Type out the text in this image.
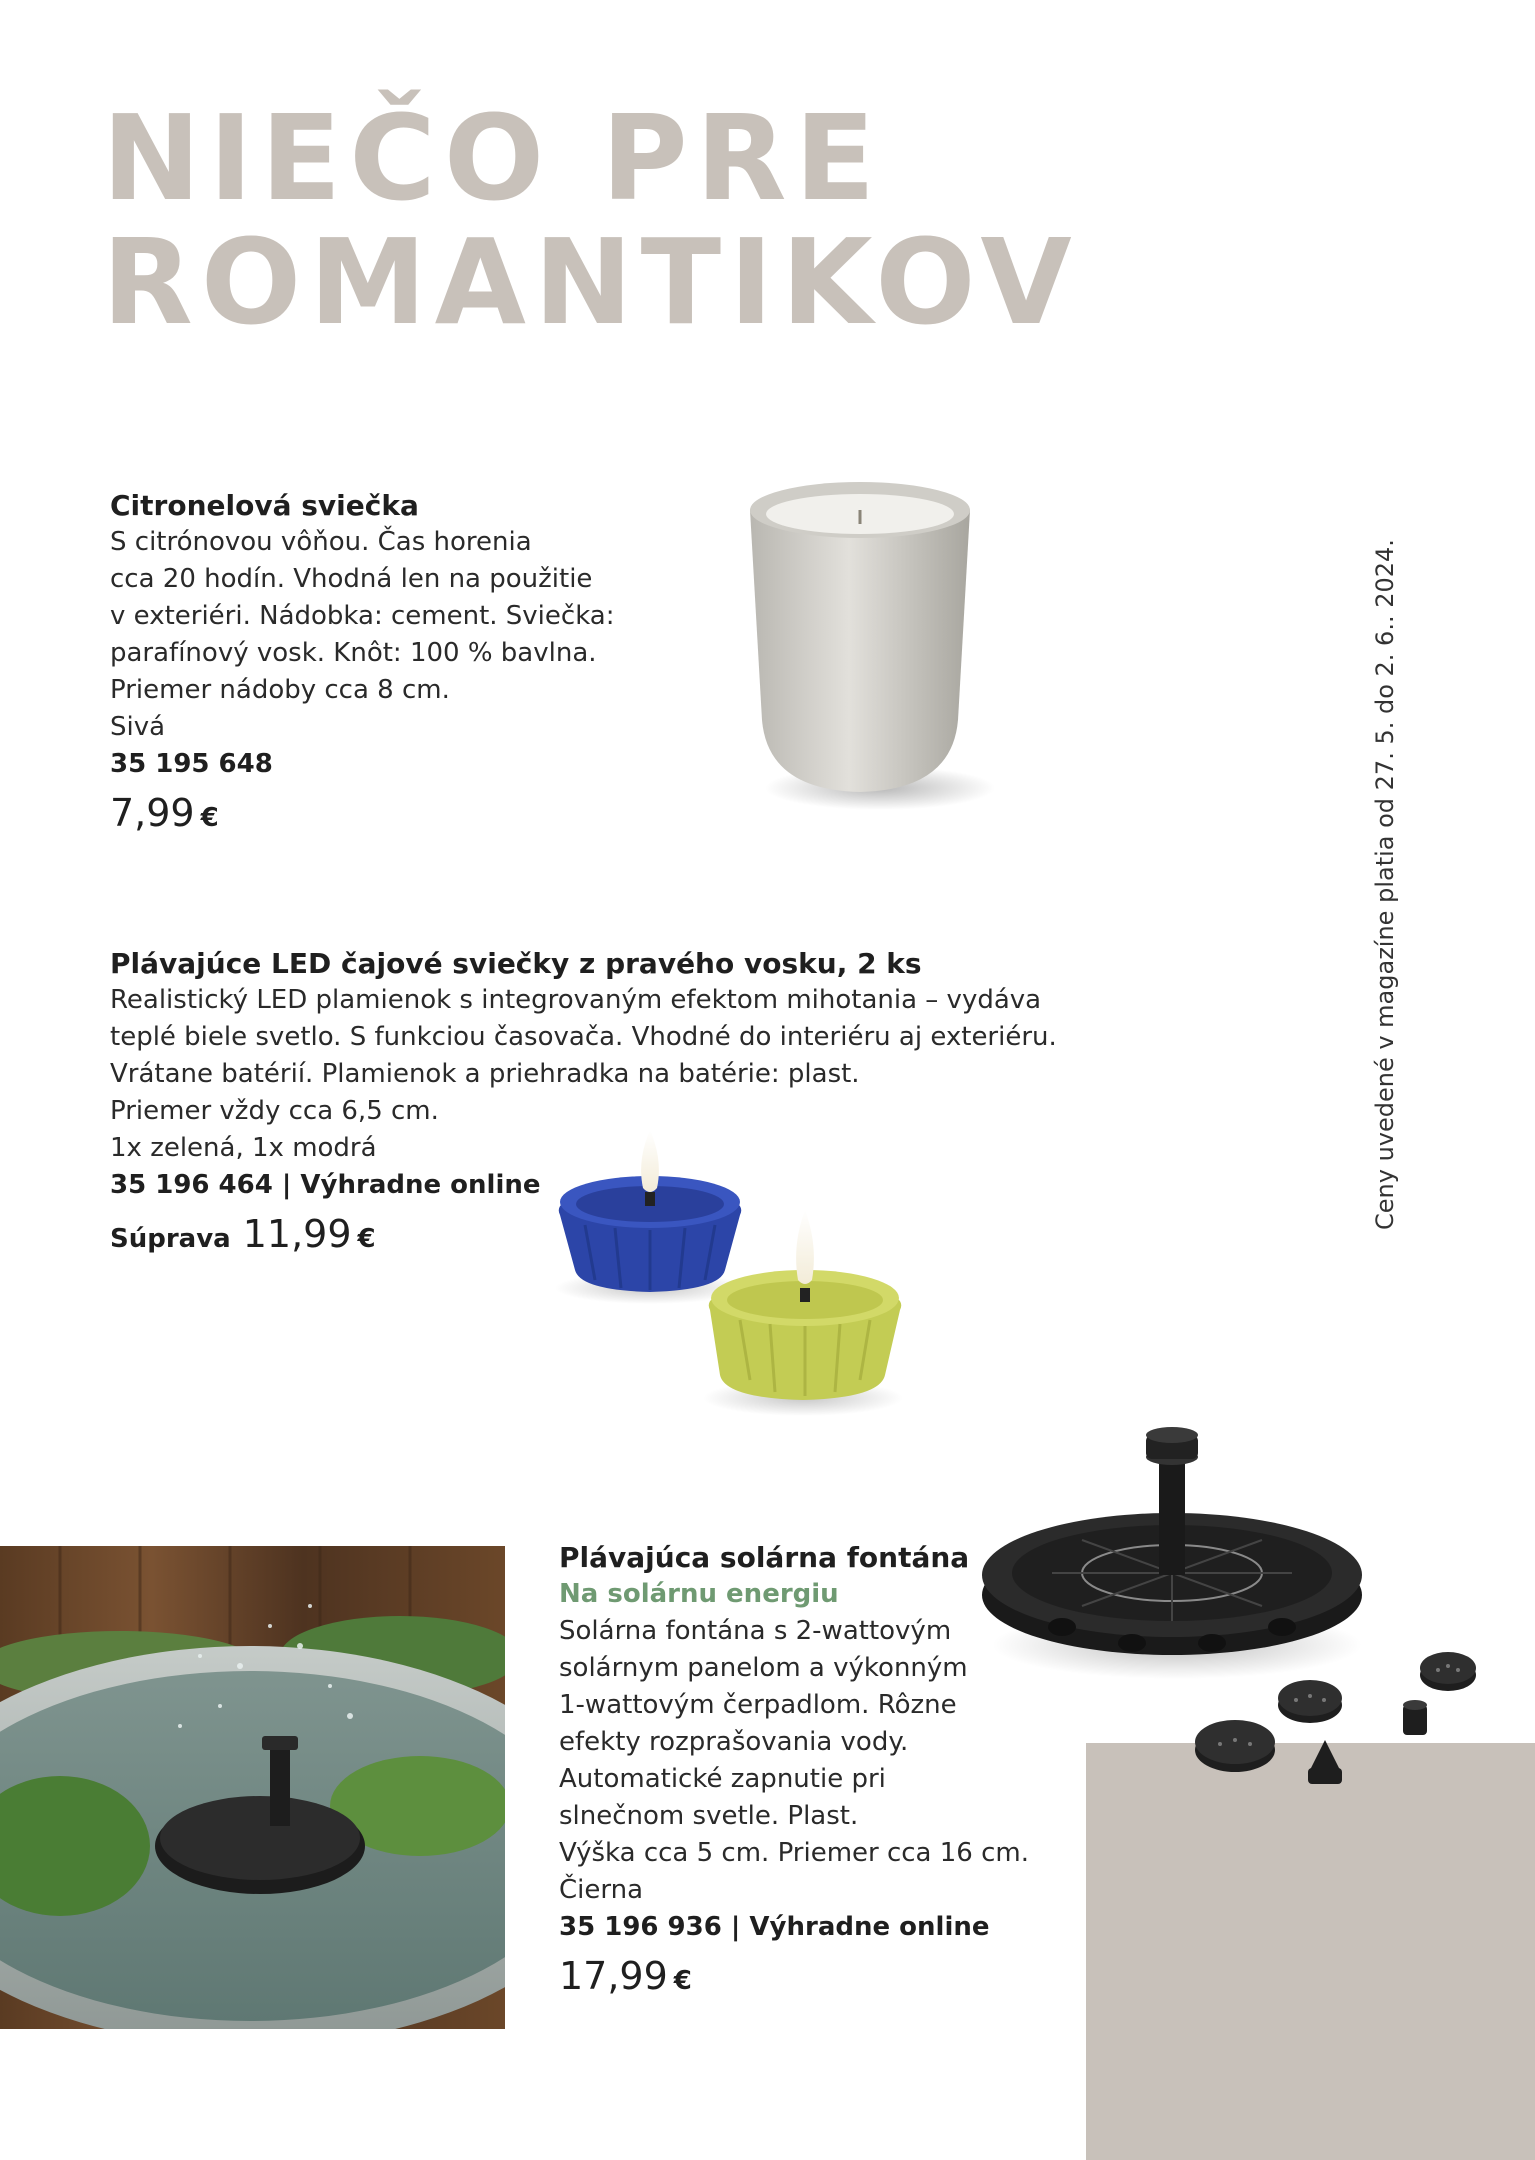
NIEČO PRE
ROMANTIKOV
Citronelová sviečka
S citrónovou vôňou. Čas horenia
cca 20 hodín. Vhodná len na použitie
v exteriéri. Nádobka: cement. Sviečka:
parafínový vosk. Knôt: 100 % bavlna.
Priemer nádoby cca 8 cm.
Sivá
35 195 648
7,99 €
Plávajúce LED čajové sviečky z pravého vosku, 2 ks
Realistický LED plamienok s integrovaným efektom mihotania – vydáva
teplé biele svetlo. S funkciou časovača. Vhodné do interiéru aj exteriéru.
Vrátane batérií. Plamienok a priehradka na batérie: plast.
Priemer vždy cca 6,5 cm.
1x zelená, 1x modrá
35 196 464 | Výhradne online
Súprava 11,99 €
Plávajúca solárna fontána
Na solárnu energiu
Solárna fontána s 2-wattovým
solárnym panelom a výkonným
1-wattovým čerpadlom. Rôzne
efekty rozprašovania vody.
Automatické zapnutie pri
slnečnom svetle. Plast.
Výška cca 5 cm. Priemer cca 16 cm.
Čierna
35 196 936 | Výhradne online
17,99 €
Ceny uvedené v magazíne platia od 27. 5. do 2. 6.. 2024.
